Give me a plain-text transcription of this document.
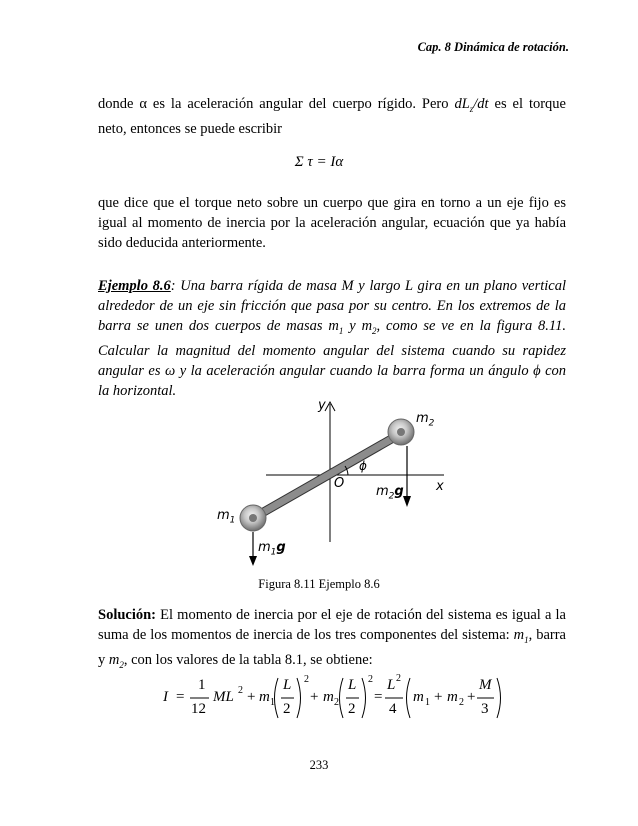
Cap. 8 Dinámica de rotación.
donde α es la aceleración angular del cuerpo rígido. Pero $dL_z/dt$ es el torque neto, entonces se puede escribir
Σ τ = Iα
que dice que el torque neto sobre un cuerpo que gira en torno a un eje fijo es igual al momento de inercia por la aceleración angular, ecuación que ya había sido deducida anteriormente.
Ejemplo 8.6: Una barra rígida de masa M y largo L gira en un plano vertical alrededor de un eje sin fricción que pasa por su centro. En los extremos de la barra se unen dos cuerpos de masas $m_1$ y $m_2$, como se ve en la figura 8.11. Calcular la magnitud del momento angular del sistema cuando su rapidez angular es ω y la aceleración angular cuando la barra forma un ángulo ϕ con la horizontal.
y
x
O
ϕ
$m_2$
$m_1$
$m_2g$
$m_1g$
Figura 8.11 Ejemplo 8.6
Solución: El momento de inercia por el eje de rotación del sistema es igual a la suma de los momentos de inercia de los tres componentes del sistema: $m_1$, barra y $m_2$, con los valores de la tabla 8.1, se obtiene:
I =
1
12
ML 2 + m 1
L
2
2
+ m 2
L
2
2
=
L 2
4
m 1 + m 2 +
M
3
233
